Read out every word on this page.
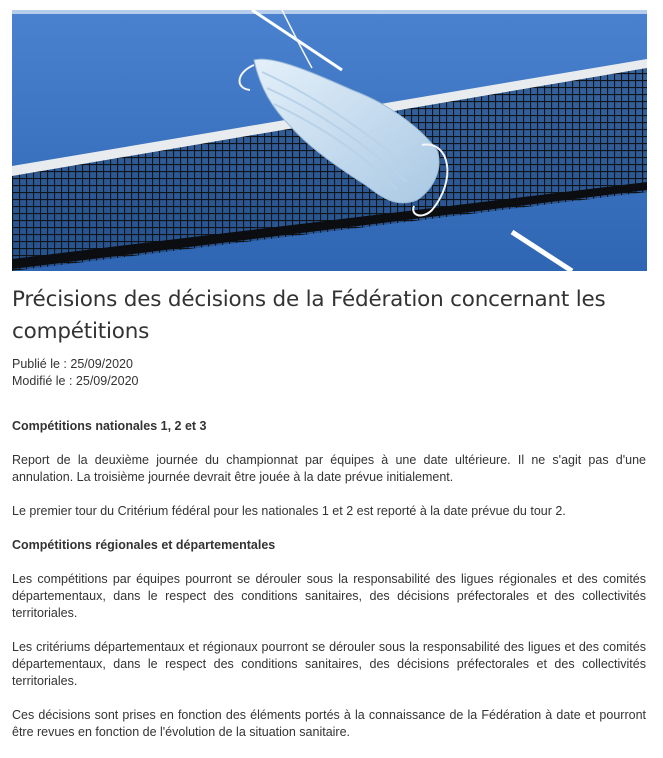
Précisions des décisions de la Fédération concernant les compétitions
Publié le : 25/09/2020
Modifié le : 25/09/2020
Compétitions nationales 1, 2 et 3

Report de la deuxième journée du championnat par équipes à une date ultérieure. Il ne s'agit pas d'une annulation. La troisième journée devrait être jouée à la date prévue initialement.

Le premier tour du Critérium fédéral pour les nationales 1 et 2 est reporté à la date prévue du tour 2.

Compétitions régionales et départementales

Les compétitions par équipes pourront se dérouler sous la responsabilité des ligues régionales et des comités départementaux, dans le respect des conditions sanitaires, des décisions préfectorales et des collectivités territoriales.

Les critériums départementaux et régionaux pourront se dérouler sous la responsabilité des ligues et des comités départementaux, dans le respect des conditions sanitaires, des décisions préfectorales et des collectivités territoriales.

Ces décisions sont prises en fonction des éléments portés à la connaissance de la Fédération à date et pourront être revues en fonction de l'évolution de la situation sanitaire.
